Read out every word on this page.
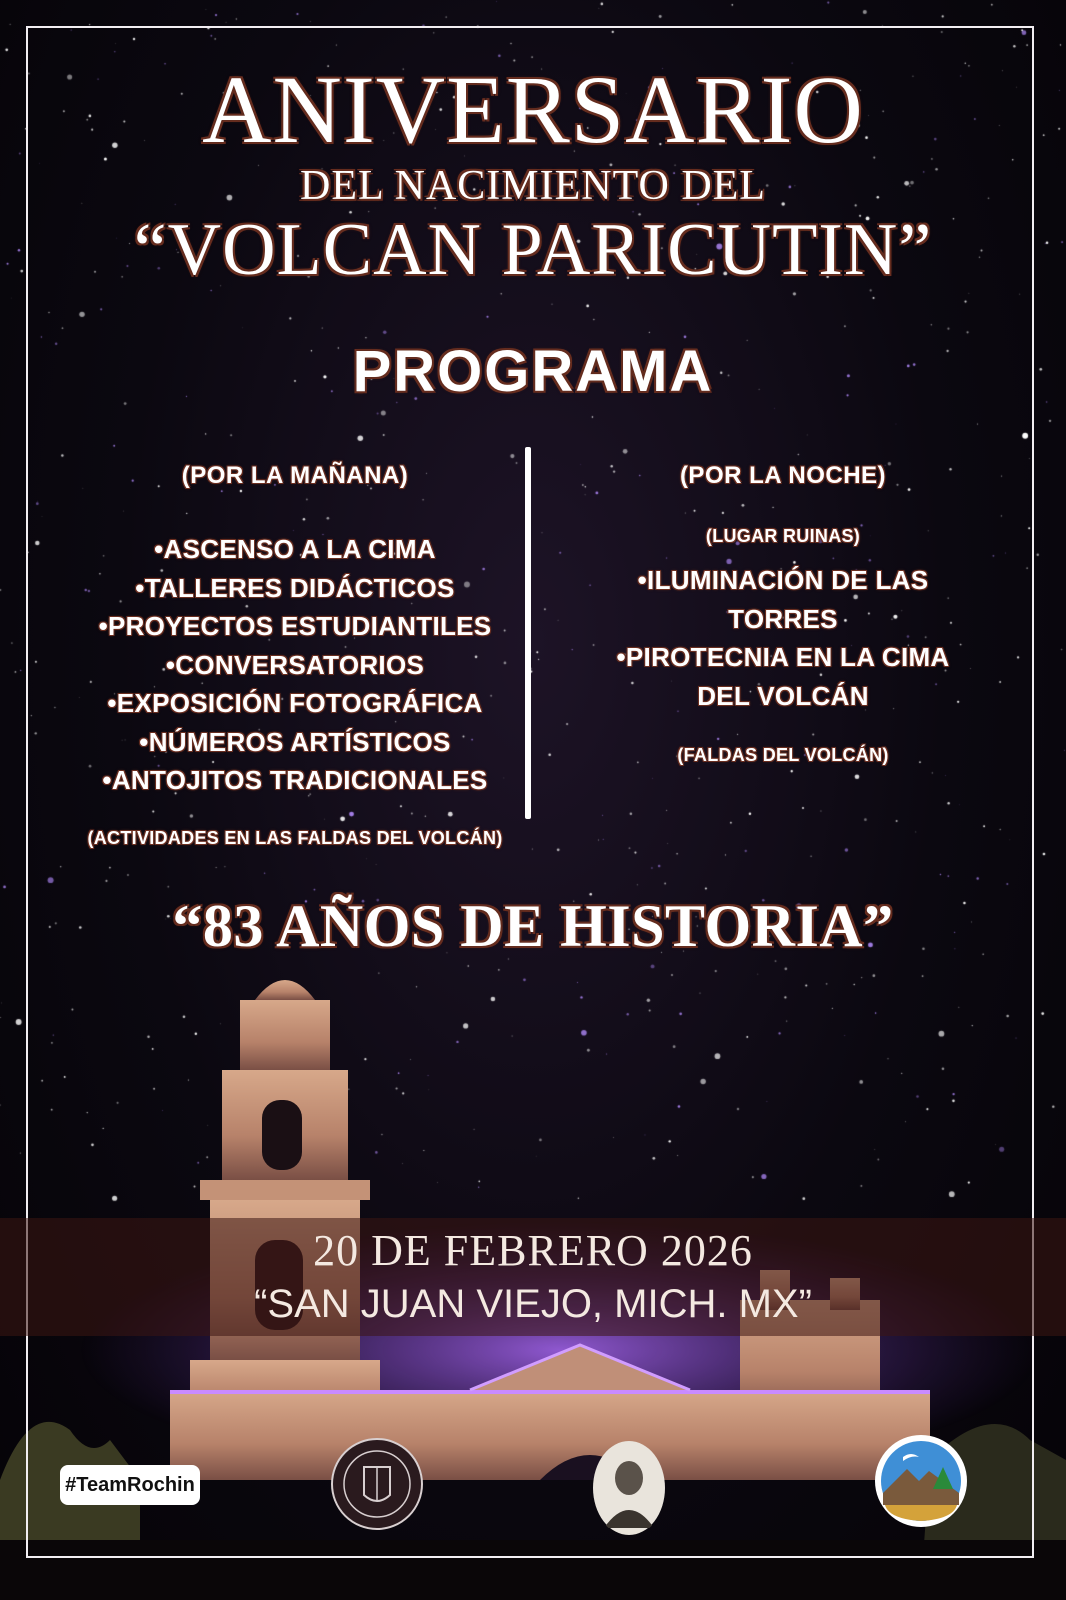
ANIVERSARIO
DEL NACIMIENTO DEL
“VOLCAN PARICUTIN”
PROGRAMA
(POR LA MAÑANA)
•ASCENSO A LA CIMA
•TALLERES DIDÁCTICOS
•PROYECTOS ESTUDIANTILES
•CONVERSATORIOS
•EXPOSICIÓN FOTOGRÁFICA
•NÚMEROS ARTÍSTICOS
•ANTOJITOS TRADICIONALES
(ACTIVIDADES EN LAS FALDAS DEL VOLCÁN)
(POR LA NOCHE)
(LUGAR RUINAS)
•ILUMINACIÓN DE LAS
TORRES
•PIROTECNIA EN LA CIMA
DEL VOLCÁN
(FALDAS DEL VOLCÁN)
“83 AÑOS DE HISTORIA”
20 DE FEBRERO 2026
“SAN JUAN VIEJO, MICH. MX”
#TeamRochin
